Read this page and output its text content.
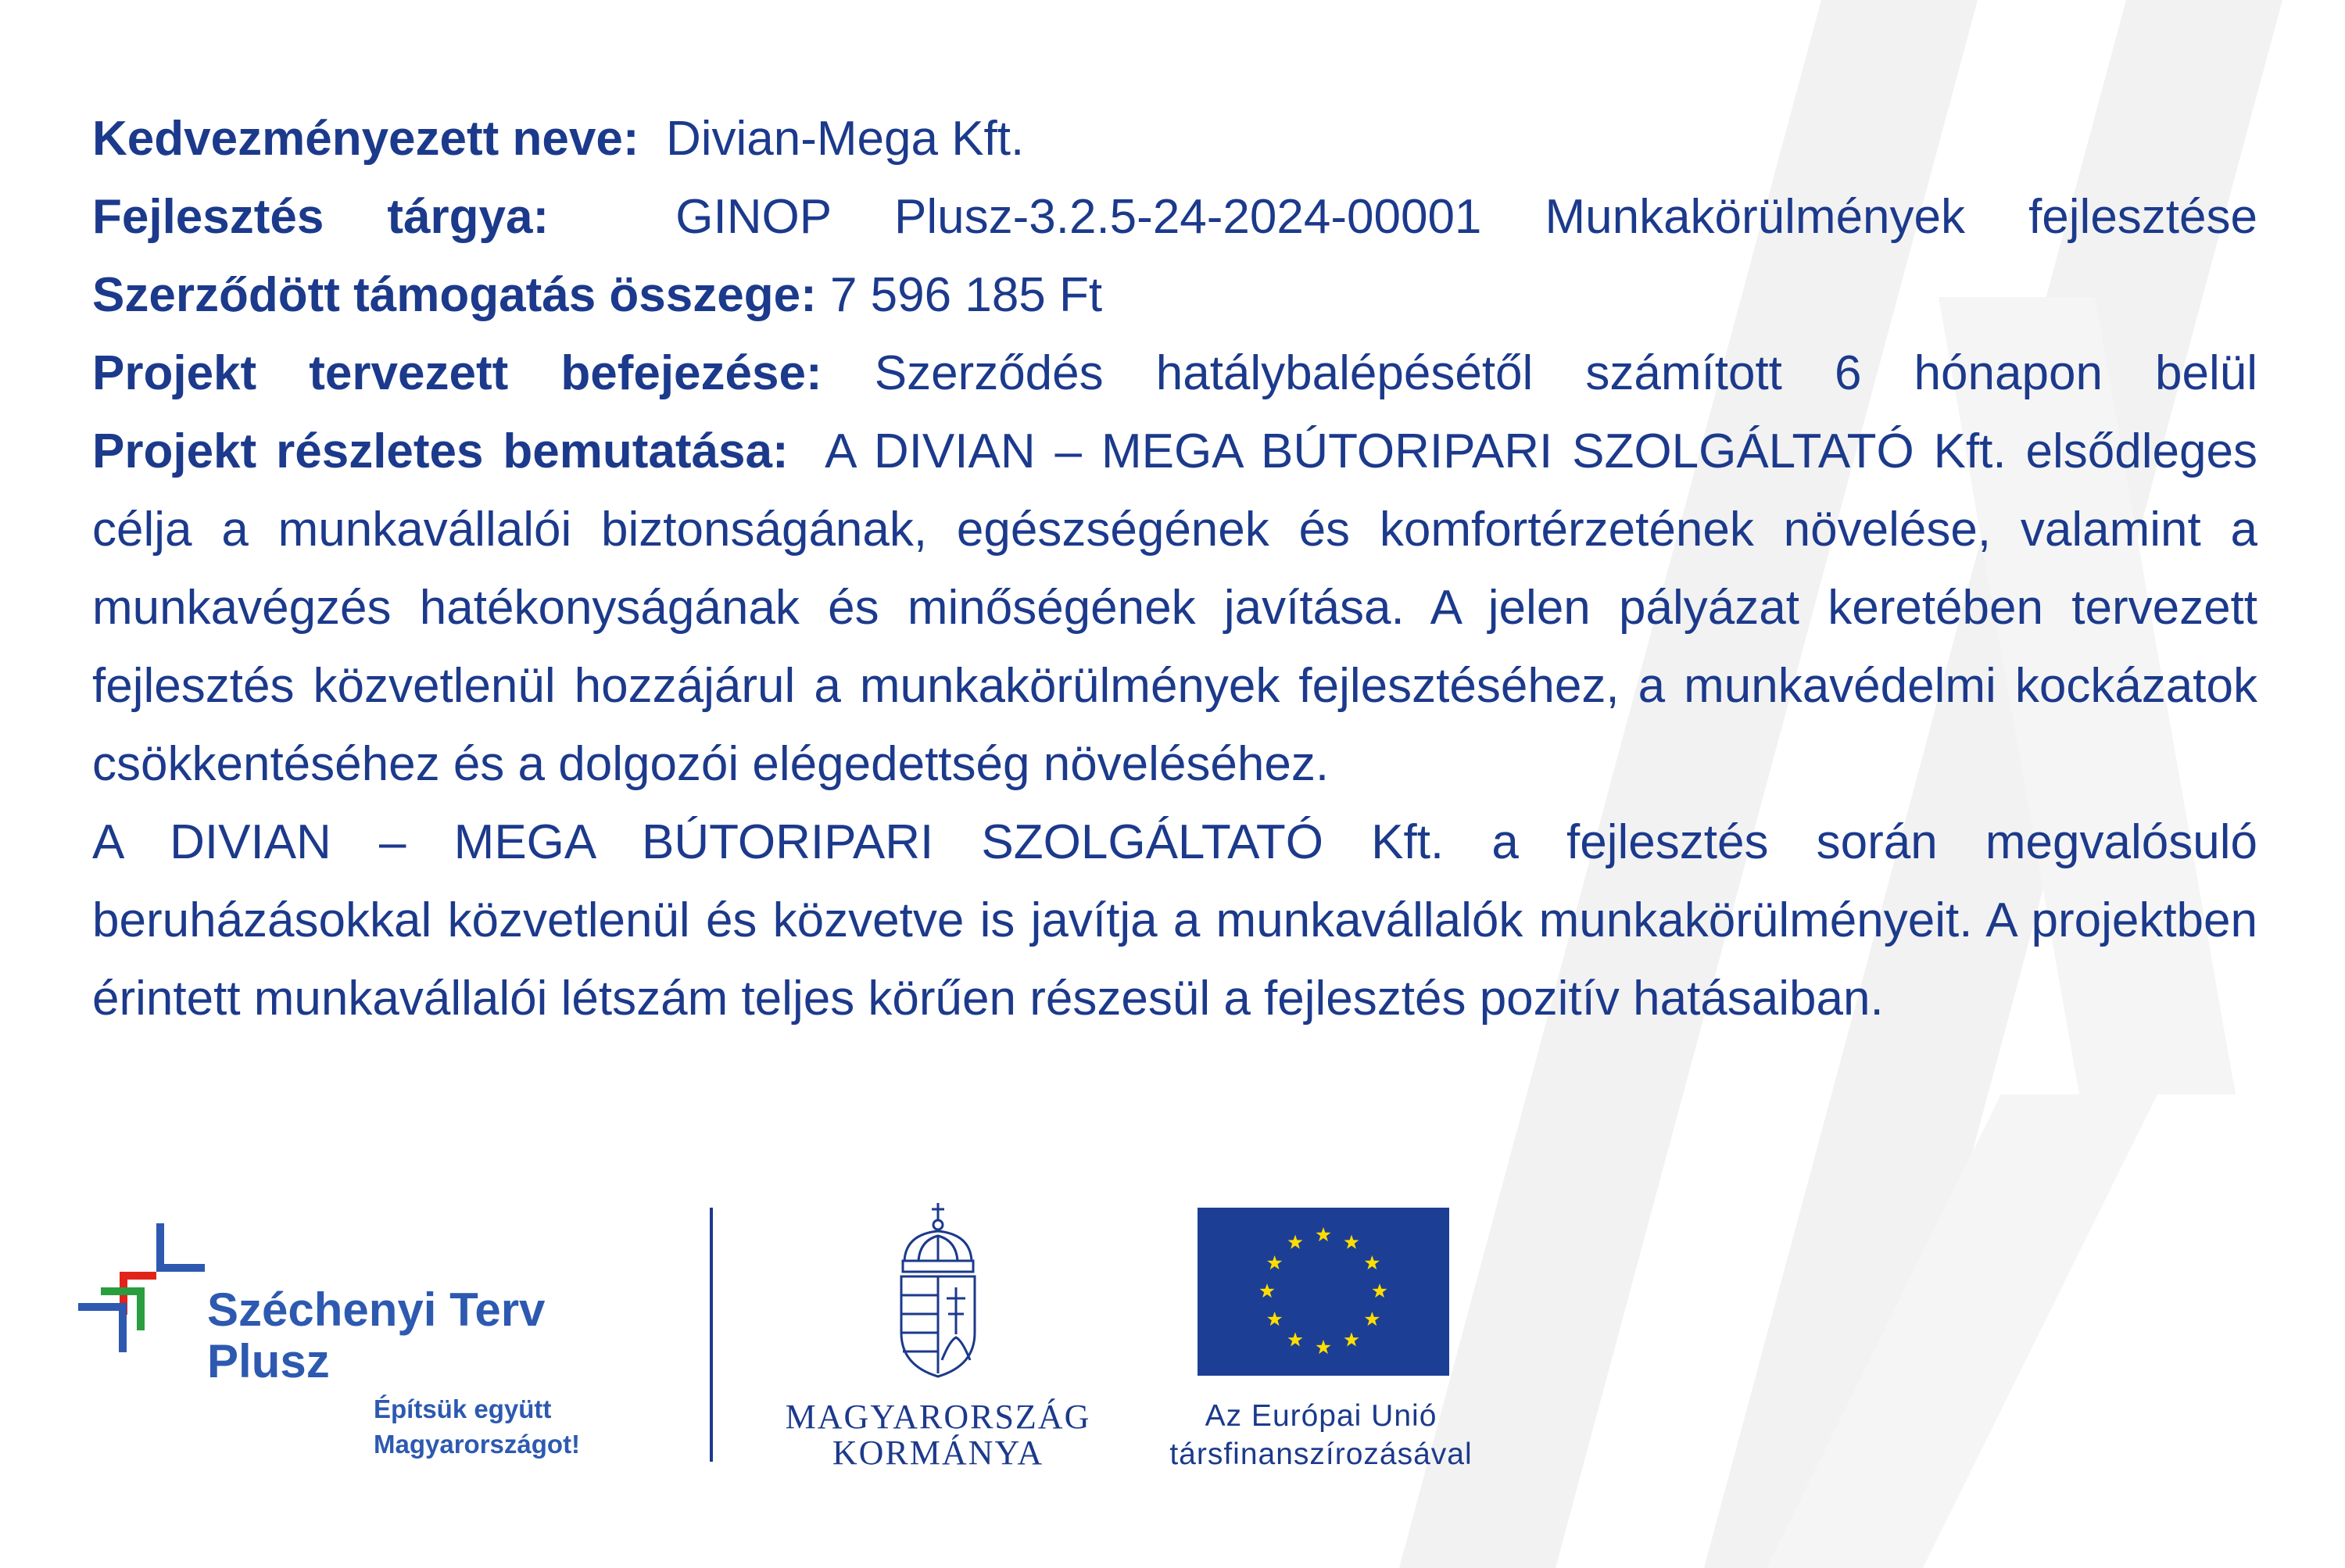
Kedvezményezett neve: Divian-Mega Kft.

Fejlesztés tárgya:	GINOP Plusz-3.2.5-24-2024-00001 Munkakörülmények fejlesztése

Szerződött támogatás összege: 7 596 185 Ft

Projekt tervezett befejezése: Szerződés hatálybalépésétől számított 6 hónapon belül

Projekt részletes bemutatása: A DIVIAN – MEGA BÚTORIPARI SZOLGÁLTATÓ Kft. elsődleges célja a munkavállalói biztonságának, egészségének és komfortérzetének növelése, valamint a munkavégzés hatékonyságának és minőségének javítása. A jelen pályázat keretében tervezett fejlesztés közvetlenül hozzájárul a munkakörülmények fejlesztéséhez, a munkavédelmi kockázatok csökkentéséhez és a dolgozói elégedettség növeléséhez.

A DIVIAN – MEGA BÚTORIPARI SZOLGÁLTATÓ Kft. a fejlesztés során megvalósuló beruházásokkal közvetlenül és közvetve is javítja a munkavállalók munkakörülményeit. A projektben érintett munkavállalói létszám teljes körűen részesül a fejlesztés pozitív hatásaiban.

Széchenyi Terv
Plusz
Építsük együtt
Magyarországot!
MAGYARORSZÁG
KORMÁNYA
Az Európai Unió
társfinanszírozásával
